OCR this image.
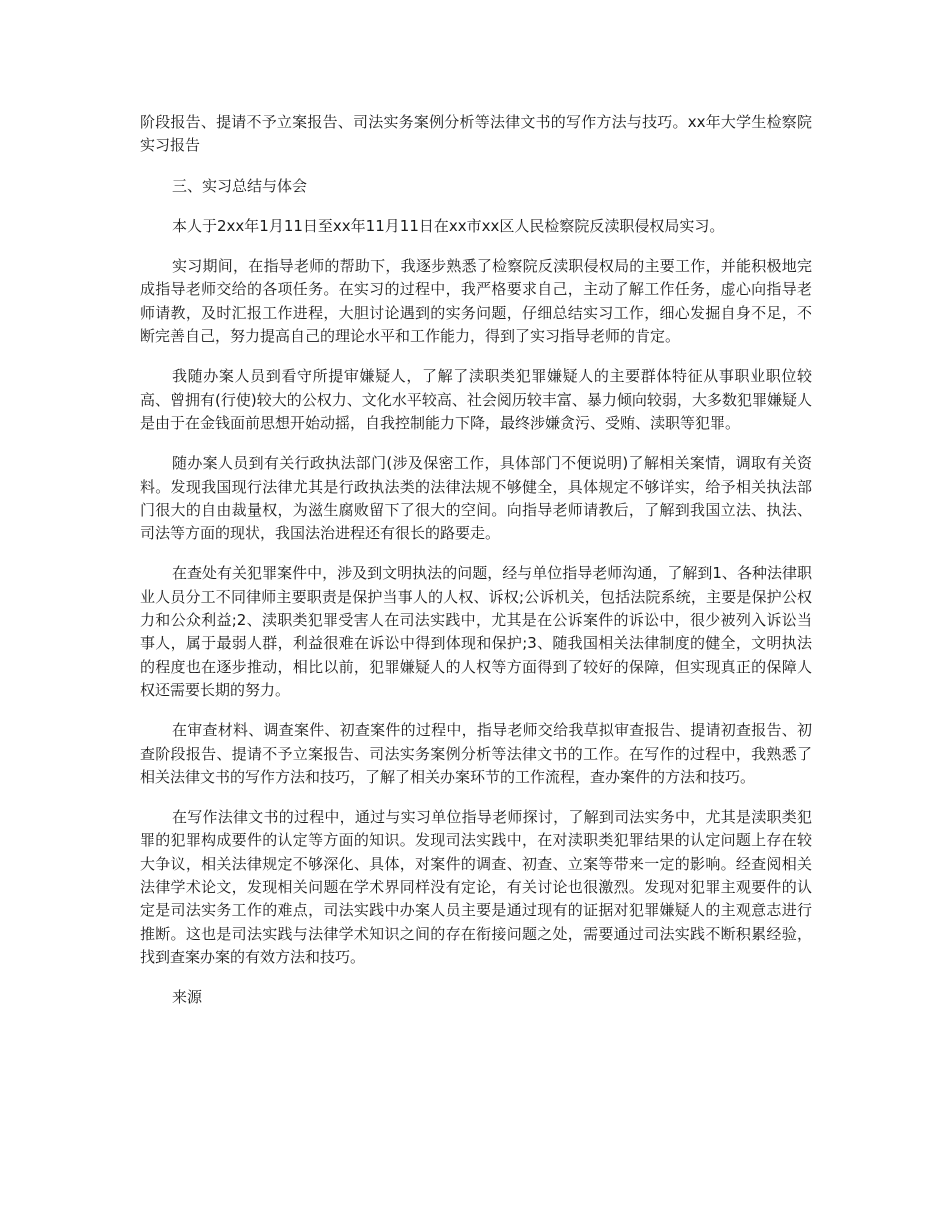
阶段报告、提请不予立案报告、司法实务案例分析等法律文书的写作方法与技巧。xx年大学生检察院实习报告

三、实习总结与体会

本人于2xx年1月11日至xx年11月11日在xx市xx区人民检察院反渎职侵权局实习。

实习期间，在指导老师的帮助下，我逐步熟悉了检察院反渎职侵权局的主要工作，并能积极地完成指导老师交给的各项任务。在实习的过程中，我严格要求自己，主动了解工作任务，虚心向指导老师请教，及时汇报工作进程，大胆讨论遇到的实务问题，仔细总结实习工作，细心发掘自身不足，不断完善自己，努力提高自己的理论水平和工作能力，得到了实习指导老师的肯定。

我随办案人员到看守所提审嫌疑人，了解了渎职类犯罪嫌疑人的主要群体特征从事职业职位较高、曾拥有(行使)较大的公权力、文化水平较高、社会阅历较丰富、暴力倾向较弱，大多数犯罪嫌疑人是由于在金钱面前思想开始动摇，自我控制能力下降，最终涉嫌贪污、受贿、渎职等犯罪。

随办案人员到有关行政执法部门(涉及保密工作，具体部门不便说明)了解相关案情，调取有关资料。发现我国现行法律尤其是行政执法类的法律法规不够健全，具体规定不够详实，给予相关执法部门很大的自由裁量权，为滋生腐败留下了很大的空间。向指导老师请教后，了解到我国立法、执法、司法等方面的现状，我国法治进程还有很长的路要走。

在查处有关犯罪案件中，涉及到文明执法的问题，经与单位指导老师沟通，了解到1、各种法律职业人员分工不同律师主要职责是保护当事人的人权、诉权;公诉机关，包括法院系统，主要是保护公权力和公众利益;2、渎职类犯罪受害人在司法实践中，尤其是在公诉案件的诉讼中，很少被列入诉讼当事人，属于最弱人群，利益很难在诉讼中得到体现和保护;3、随我国相关法律制度的健全，文明执法的程度也在逐步推动，相比以前，犯罪嫌疑人的人权等方面得到了较好的保障，但实现真正的保障人权还需要长期的努力。

在审查材料、调查案件、初查案件的过程中，指导老师交给我草拟审查报告、提请初查报告、初查阶段报告、提请不予立案报告、司法实务案例分析等法律文书的工作。在写作的过程中，我熟悉了相关法律文书的写作方法和技巧，了解了相关办案环节的工作流程，查办案件的方法和技巧。

在写作法律文书的过程中，通过与实习单位指导老师探讨，了解到司法实务中，尤其是渎职类犯罪的犯罪构成要件的认定等方面的知识。发现司法实践中，在对渎职类犯罪结果的认定问题上存在较大争议，相关法律规定不够深化、具体，对案件的调查、初查、立案等带来一定的影响。经查阅相关法律学术论文，发现相关问题在学术界同样没有定论，有关讨论也很激烈。发现对犯罪主观要件的认定是司法实务工作的难点，司法实践中办案人员主要是通过现有的证据对犯罪嫌疑人的主观意志进行推断。这也是司法实践与法律学术知识之间的存在衔接问题之处，需要通过司法实践不断积累经验，找到查案办案的有效方法和技巧。

来源
